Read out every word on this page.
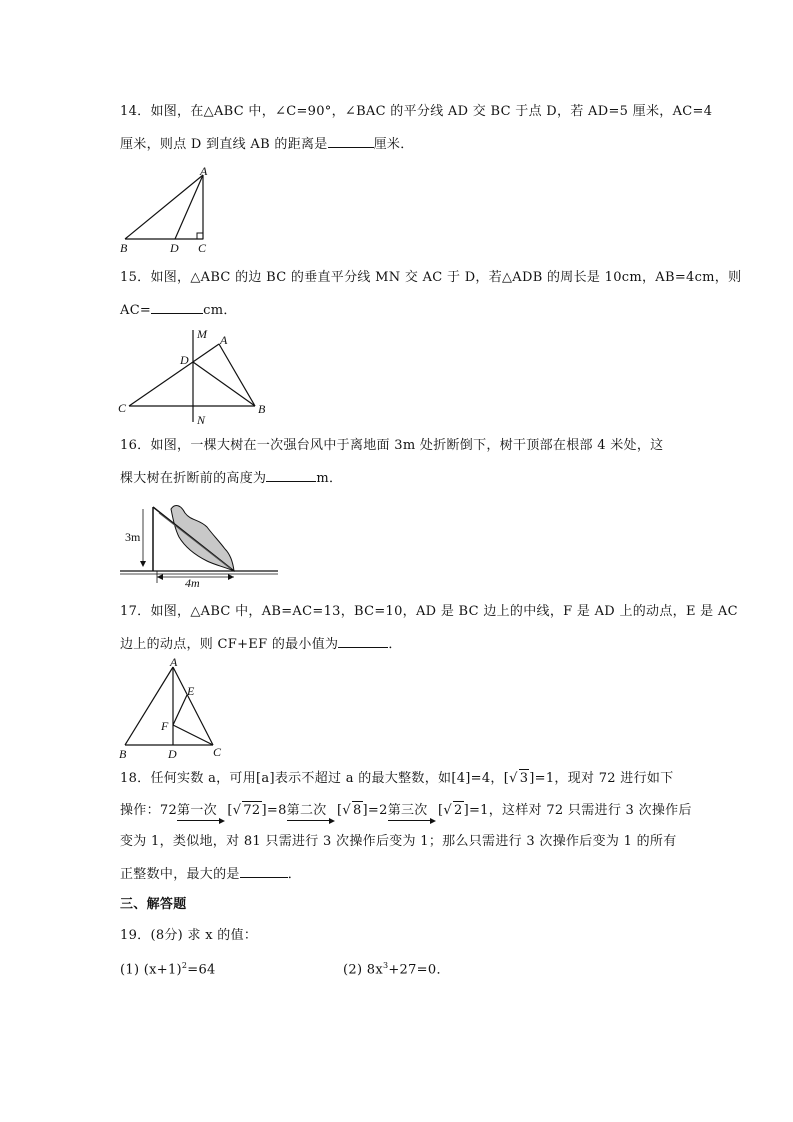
14．如图，在△ABC 中，∠C=90°，∠BAC 的平分线 AD 交 BC 于点 D，若 AD=5 厘米，AC=4
厘米，则点 D 到直线 AB 的距离是	厘米．
A
B	D C
15．如图，△ABC 的边 BC 的垂直平分线 MN 交 AC 于 D，若△ADB 的周长是 10cm，AB=4cm，则
AC=	cm．
M A
D
C
N
B
16．如图，一棵大树在一次强台风中于离地面 3m 处折断倒下，树干顶部在根部 4 米处，这
棵大树在折断前的高度为	m．
3m
4m
17．如图，△ABC 中，AB=AC=13，BC=10，AD 是 BC 边上的中线，F 是 AD 上的动点，E 是 AC
边上的动点，则 CF+EF 的最小值为	．
A
E
F
B	D	C
18．任何实数 a，可用[a]表示不超过 a 的最大整数，如[4]=4，[√ 3]=1，现对 72 进行如下
操作：72第一次 [√ 72]=8第二次 [√ 8]=2第三次 [√ 2]=1，这样对 72 只需进行 3 次操作后
变为 1，类似地，对 81 只需进行 3 次操作后变为 1；那么只需进行 3 次操作后变为 1 的所有
正整数中，最大的是	．
三、解答题
19．(8分) 求 x 的值：
(1) $(x+1)^2=64$	(2) $8x^3+27=0$．
